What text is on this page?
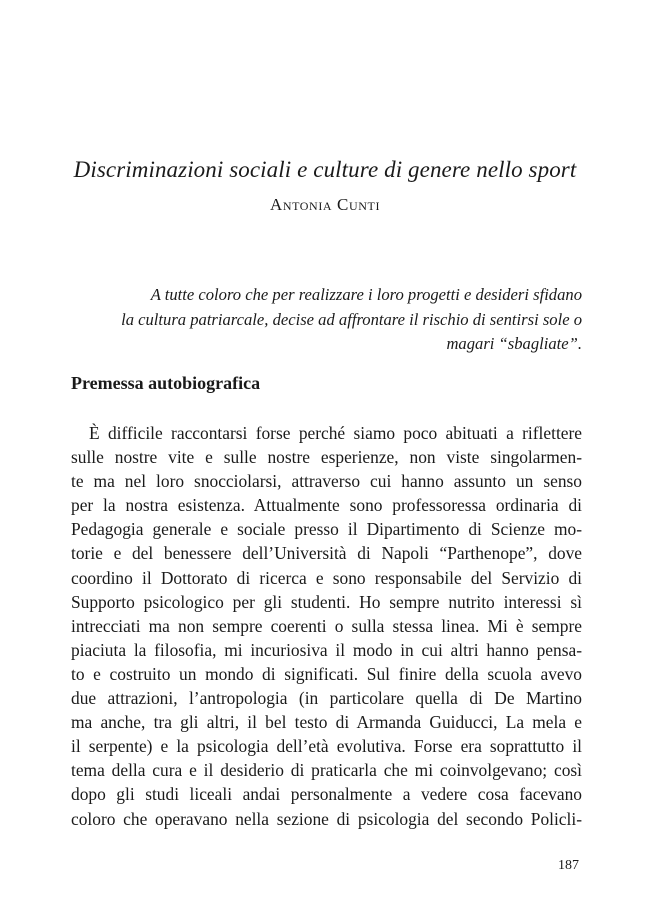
Discriminazioni sociali e culture di genere nello sport
Antonia Cunti
A tutte coloro che per realizzare i loro progetti e desideri sfidano
la cultura patriarcale, decise ad affrontare il rischio di sentirsi sole o
magari “sbagliate”.
Premessa autobiografica
È difficile raccontarsi forse perché siamo poco abituati a riflettere
sulle nostre vite e sulle nostre esperienze, non viste singolarmen-
te ma nel loro snocciolarsi, attraverso cui hanno assunto un senso
per la nostra esistenza. Attualmente sono professoressa ordinaria di
Pedagogia generale e sociale presso il Dipartimento di Scienze mo-
torie e del benessere dell’Università di Napoli “Parthenope”, dove
coordino il Dottorato di ricerca e sono responsabile del Servizio di
Supporto psicologico per gli studenti. Ho sempre nutrito interessi sì
intrecciati ma non sempre coerenti o sulla stessa linea. Mi è sempre
piaciuta la filosofia, mi incuriosiva il modo in cui altri hanno pensa-
to e costruito un mondo di significati. Sul finire della scuola avevo
due attrazioni, l’antropologia (in particolare quella di De Martino
ma anche, tra gli altri, il bel testo di Armanda Guiducci, La mela e
il serpente) e la psicologia dell’età evolutiva. Forse era soprattutto il
tema della cura e il desiderio di praticarla che mi coinvolgevano; così
dopo gli studi liceali andai personalmente a vedere cosa facevano
coloro che operavano nella sezione di psicologia del secondo Policli-
187
